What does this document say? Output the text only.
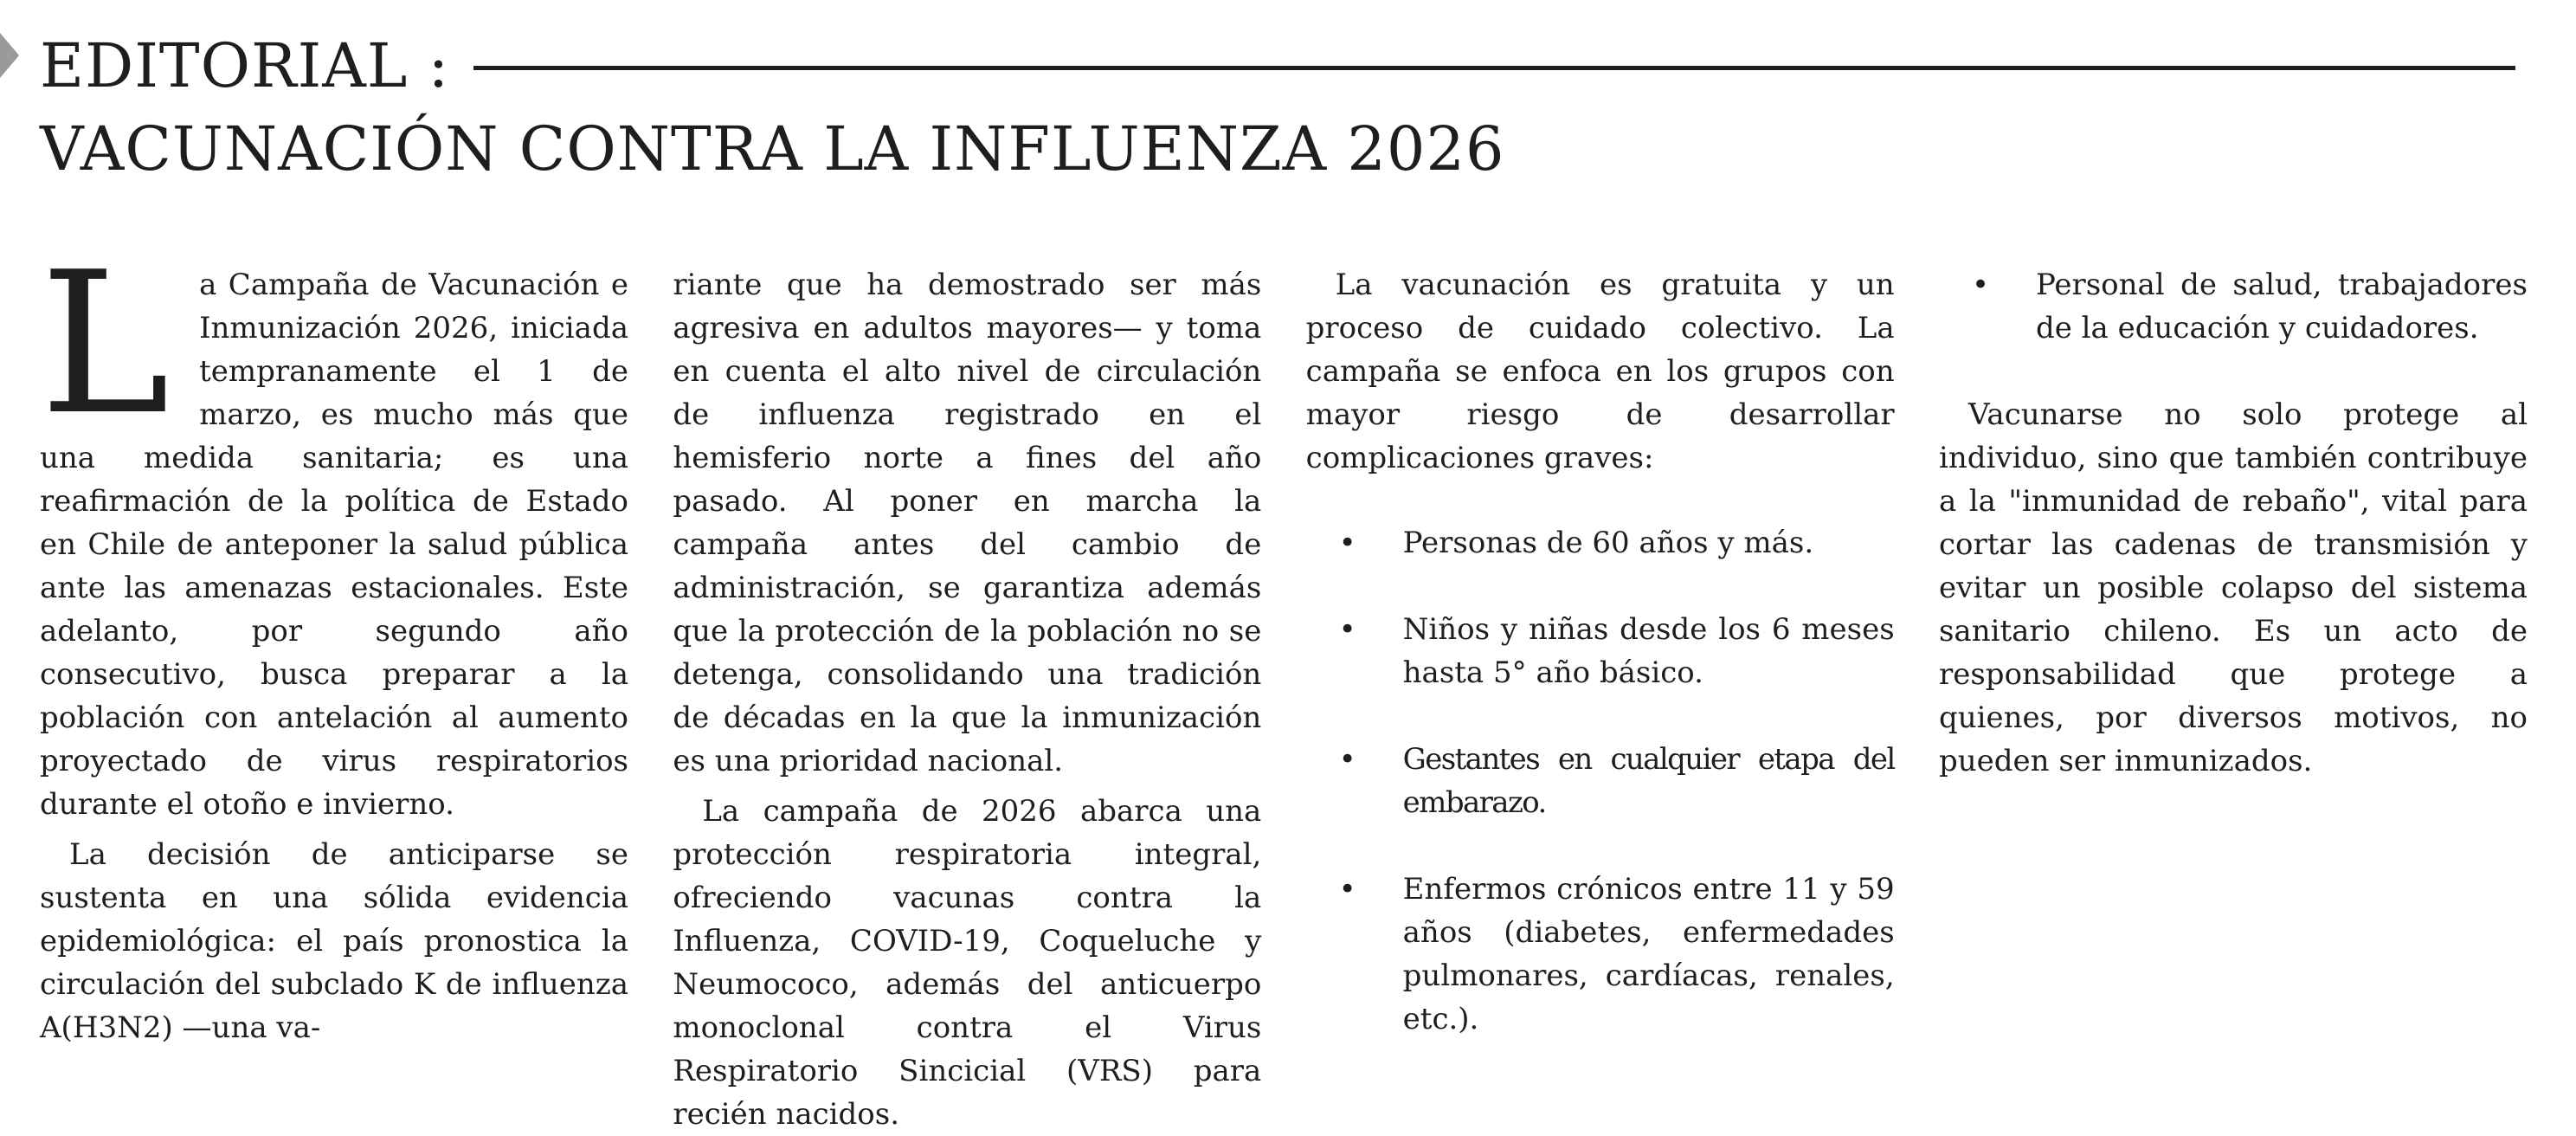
EDITORIAL :
VACUNACIÓN CONTRA LA INFLUENZA 2026

L a Campaña de Vacunación e Inmunización 2026, iniciada tempranamente el 1 de marzo, es mucho más que una medida sanitaria; es una reafirmación de la política de Estado en Chile de anteponer la salud pública ante las amenazas estacionales. Este adelanto, por segundo año consecutivo, busca preparar a la población con antelación al aumento proyectado de virus respiratorios durante el otoño e invierno.

La decisión de anticiparse se sustenta en una sólida evidencia epidemiológica: el país pronostica la circulación del subclado K de influenza A(H3N2) —una va-

riante que ha demostrado ser más agresiva en adultos mayores— y toma en cuenta el alto nivel de circulación de influenza registrado en el hemisferio norte a fines del año pasado. Al poner en marcha la campaña antes del cambio de administración, se garantiza además que la protección de la población no se detenga, consolidando una tradición de décadas en la que la inmunización es una prioridad nacional.

La campaña de 2026 abarca una protección respiratoria integral, ofreciendo vacunas contra la Influenza, COVID-19, Coqueluche y Neumococo, además del anticuerpo monoclonal contra el Virus Respiratorio Sincicial (VRS) para recién nacidos.

La vacunación es gratuita y un proceso de cuidado colectivo. La campaña se enfoca en los grupos con mayor riesgo de desarrollar complicaciones graves:

• Personas de 60 años y más.
• Niños y niñas desde los 6 meses hasta 5° año básico.
• Gestantes en cualquier etapa del embarazo.
• Enfermos crónicos entre 11 y 59 años (diabetes, enfermedades pulmonares, cardíacas, renales, etc.).
• Personal de salud, trabajadores de la educación y cuidadores.

Vacunarse no solo protege al individuo, sino que también contribuye a la "inmunidad de rebaño", vital para cortar las cadenas de transmisión y evitar un posible colapso del sistema sanitario chileno. Es un acto de responsabilidad que protege a quienes, por diversos motivos, no pueden ser inmunizados.
